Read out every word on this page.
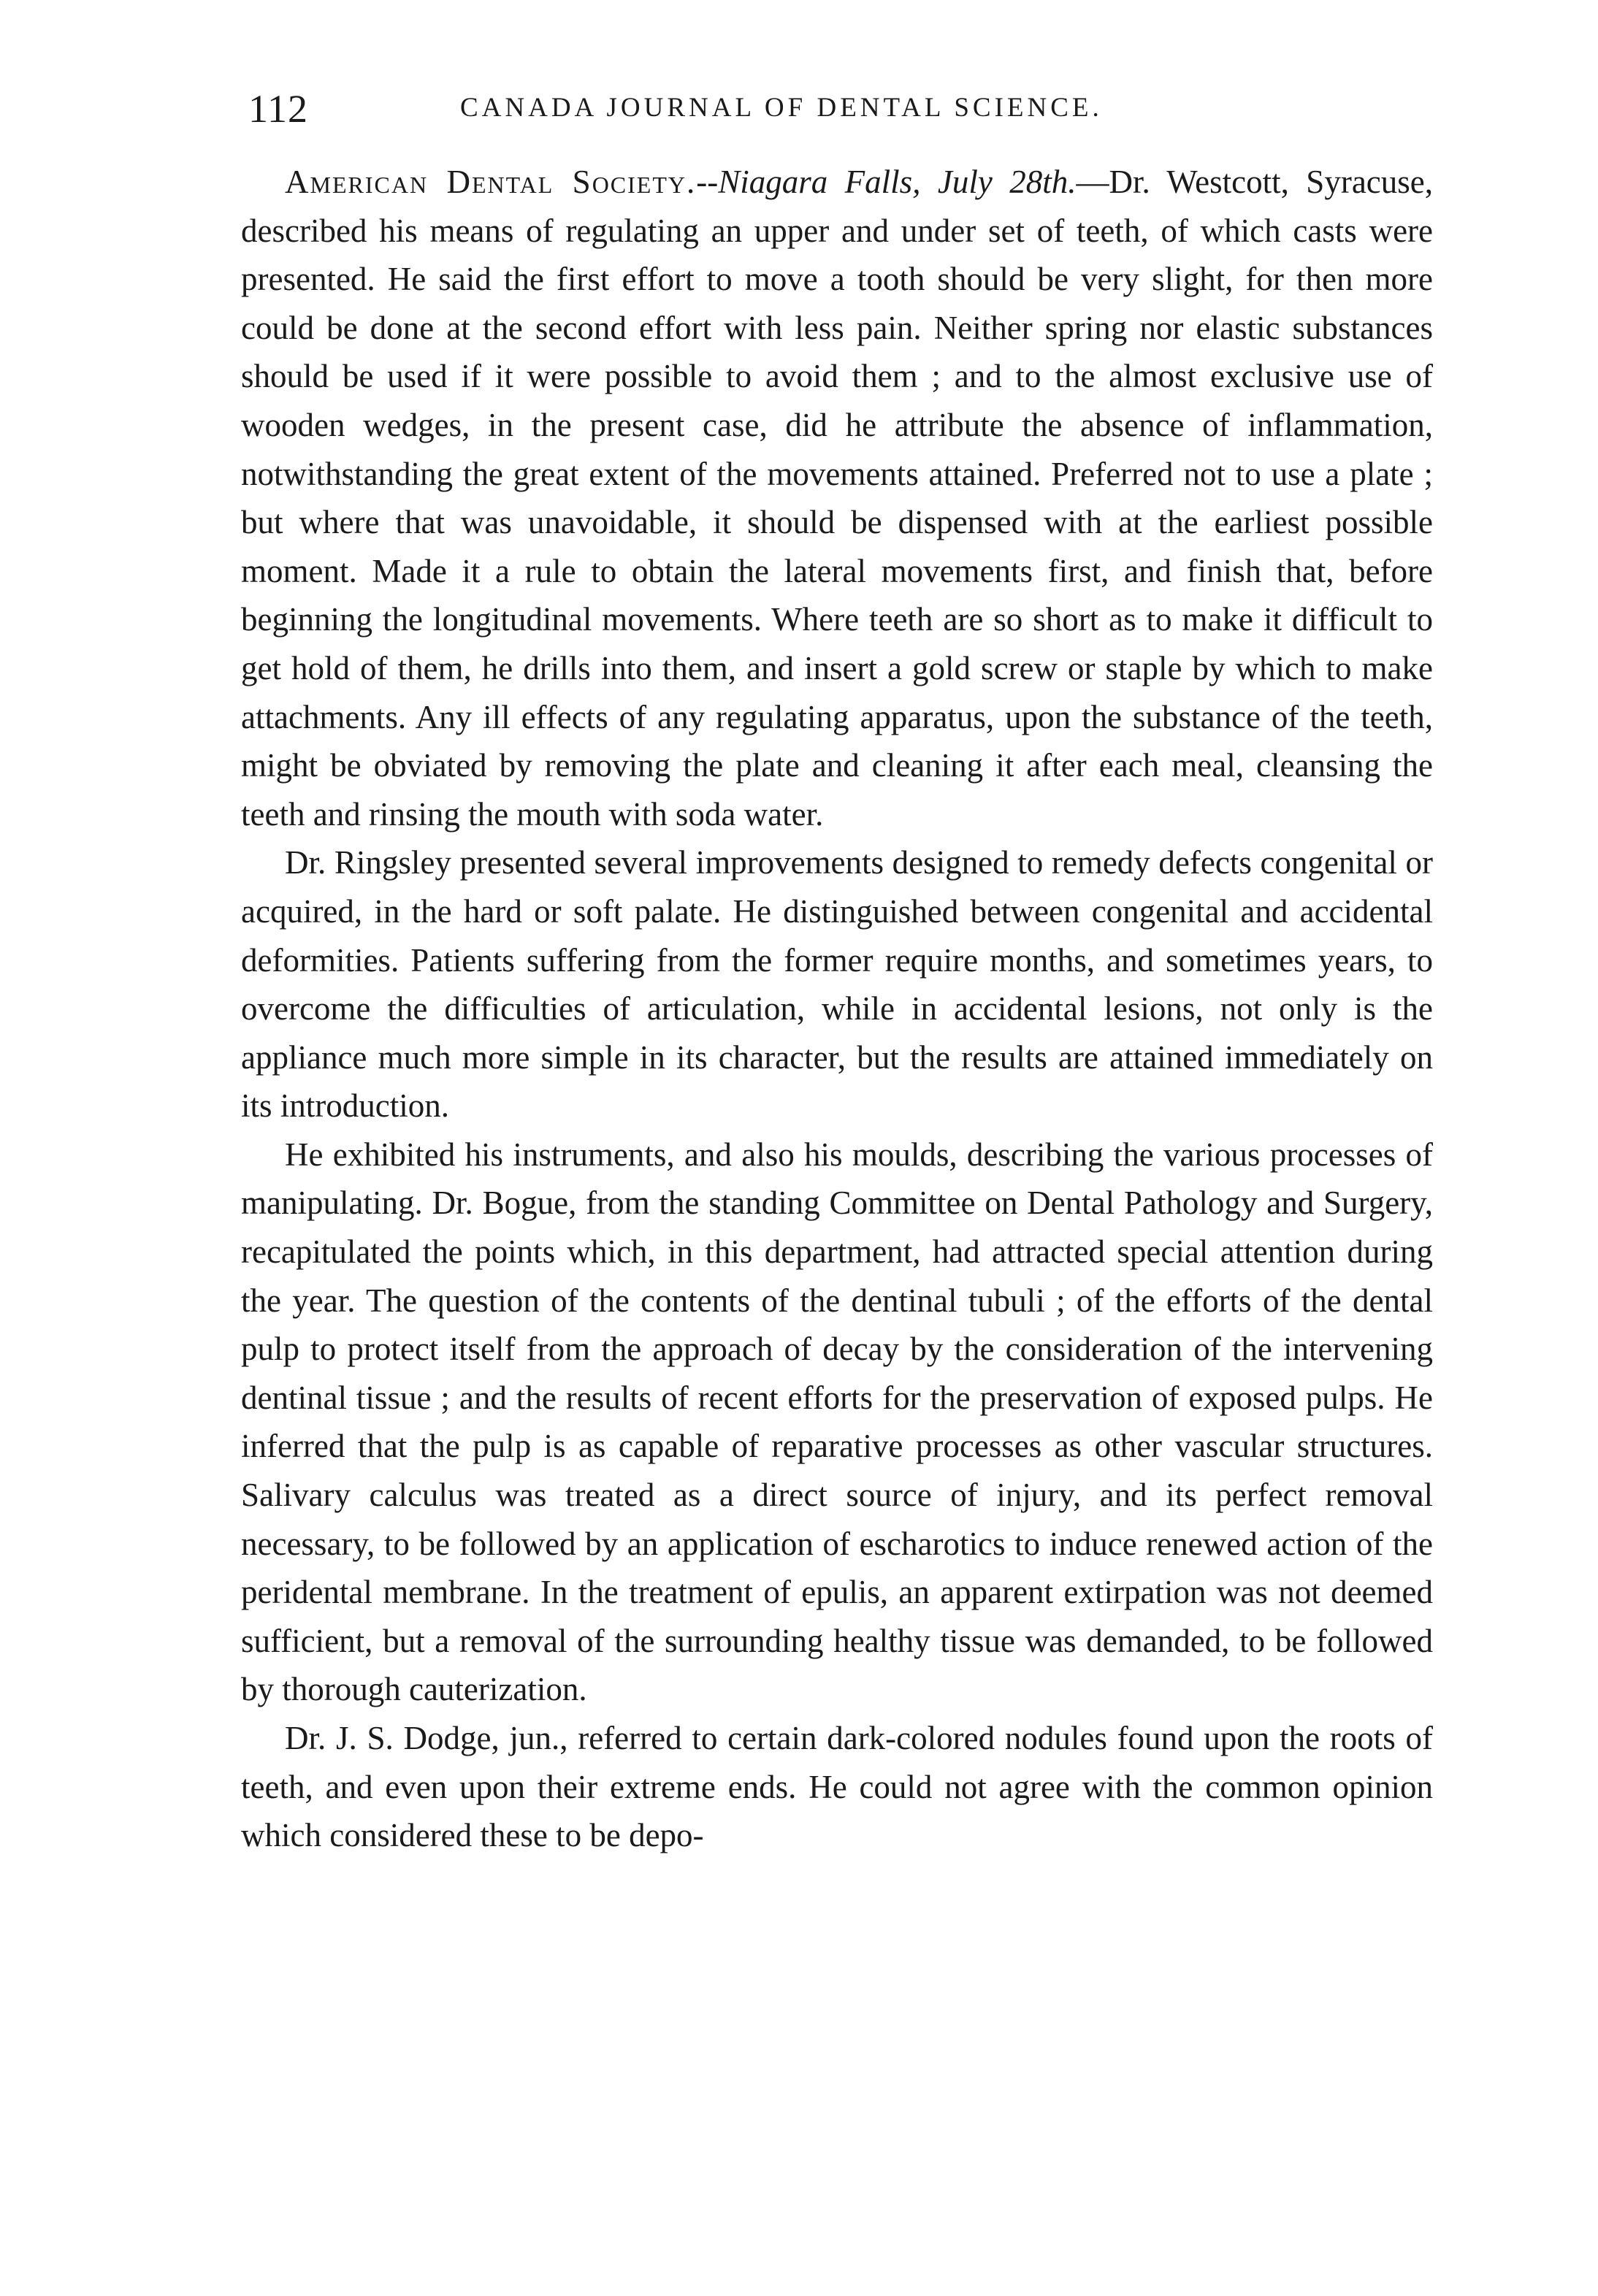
112	CANADA JOURNAL OF DENTAL SCIENCE.

American Dental Society.--Niagara Falls, July 28th.—Dr. Westcott, Syracuse, described his means of regulating an upper and under set of teeth, of which casts were presented. He said the first effort to move a tooth should be very slight, for then more could be done at the second effort with less pain. Neither spring nor elastic substances should be used if it were possible to avoid them ; and to the almost exclusive use of wooden wedges, in the present case, did he attribute the absence of inflammation, notwithstanding the great extent of the movements attained. Preferred not to use a plate ; but where that was unavoidable, it should be dispensed with at the earliest possible moment. Made it a rule to obtain the lateral movements first, and finish that, before beginning the longitudinal movements. Where teeth are so short as to make it difficult to get hold of them, he drills into them, and insert a gold screw or staple by which to make attachments. Any ill effects of any regulating apparatus, upon the substance of the teeth, might be obviated by removing the plate and cleaning it after each meal, cleansing the teeth and rinsing the mouth with soda water.

Dr. Ringsley presented several improvements designed to remedy defects congenital or acquired, in the hard or soft palate. He distinguished between congenital and accidental deformities. Patients suffering from the former require months, and sometimes years, to overcome the difficulties of articulation, while in accidental lesions, not only is the appliance much more simple in its character, but the results are attained immediately on its introduction.

He exhibited his instruments, and also his moulds, describing the various processes of manipulating. Dr. Bogue, from the standing Committee on Dental Pathology and Surgery, recapitulated the points which, in this department, had attracted special attention during the year. The question of the contents of the dentinal tubuli ; of the efforts of the dental pulp to protect itself from the approach of decay by the consideration of the intervening dentinal tissue ; and the results of recent efforts for the preservation of exposed pulps. He inferred that the pulp is as capable of reparative processes as other vascular structures. Salivary calculus was treated as a direct source of injury, and its perfect removal necessary, to be followed by an application of escharotics to induce renewed action of the peridental membrane. In the treatment of epulis, an apparent extirpation was not deemed sufficient, but a removal of the surrounding healthy tissue was demanded, to be followed by thorough cauterization.

Dr. J. S. Dodge, jun., referred to certain dark-colored nodules found upon the roots of teeth, and even upon their extreme ends. He could not agree with the common opinion which considered these to be depo-
